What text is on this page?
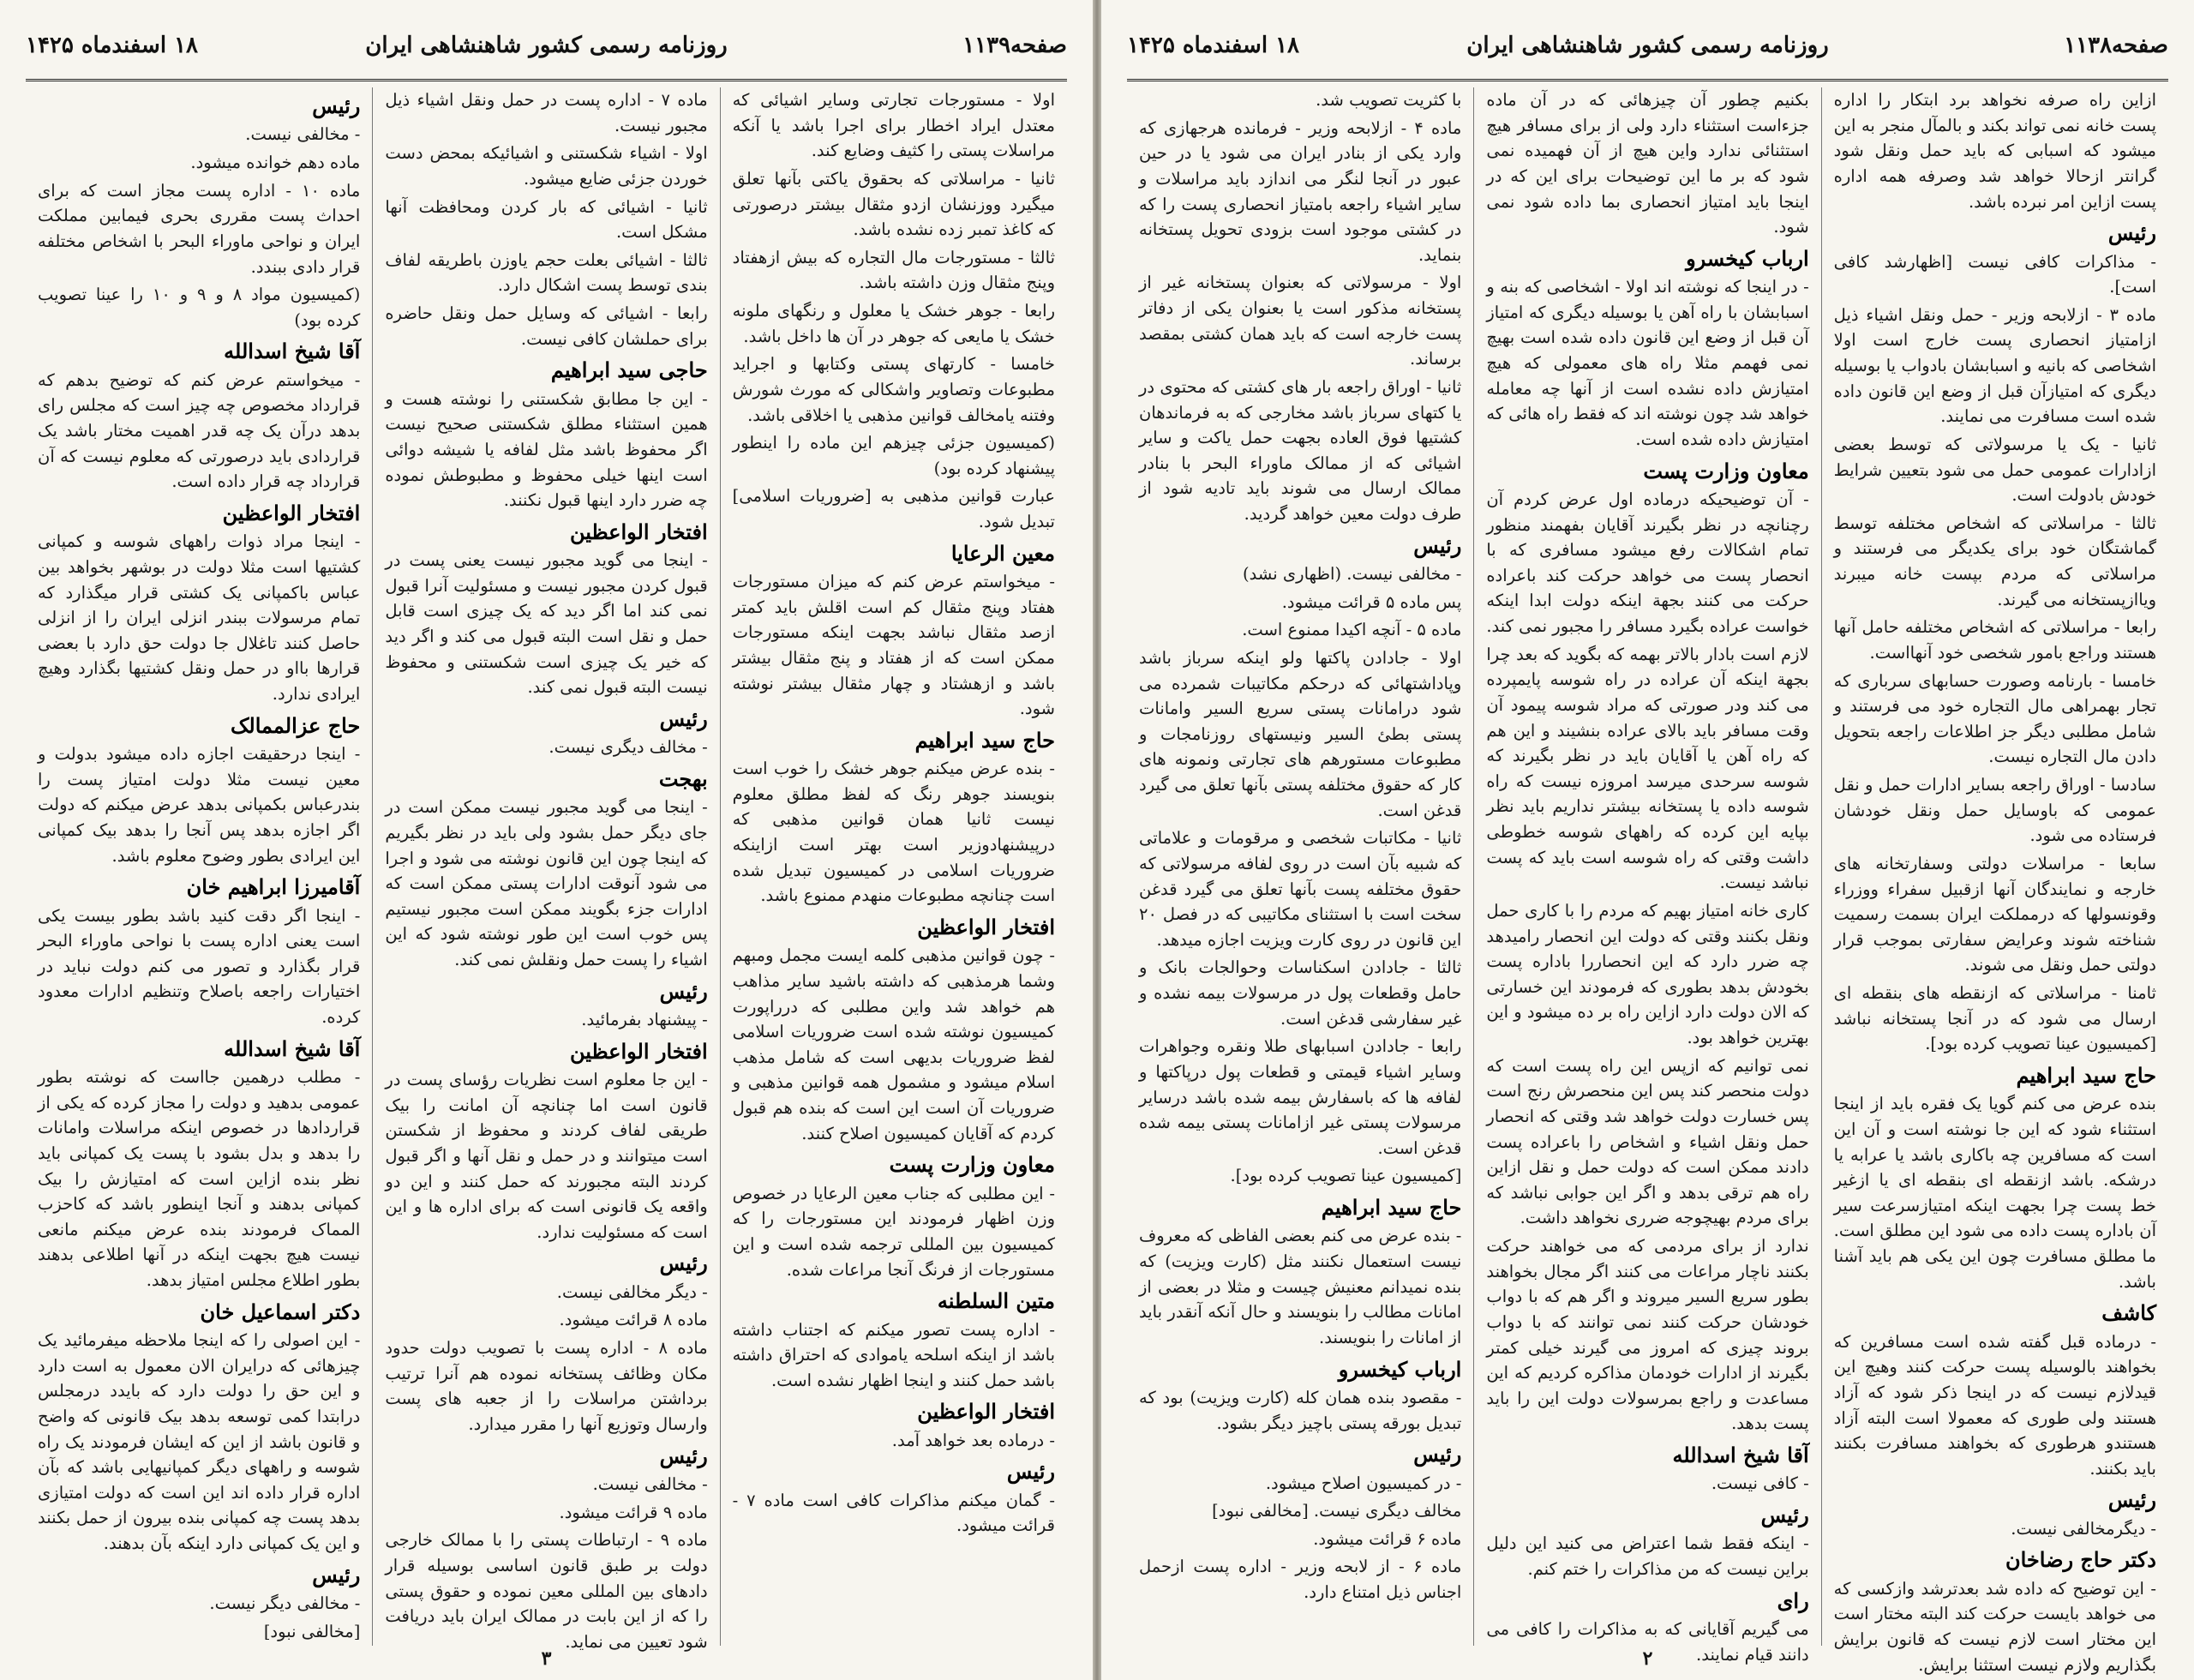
صفحه۱۱۳۹
روزنامه رسمی کشور شاهنشاهی ایران
۱۸ اسفندماه ۱۴۲۵
اولا - مستورجات تجارتی وسایر اشیائی که معتدل ایراد اخطار برای اجرا باشد یا آنکه مراسلات پستی را کثیف وضایع کند.
ثانیا - مراسلاتی که بحقوق یاکتی بآنها تعلق میگیرد ووزنشان ازدو مثقال بیشتر درصورتی که کاغذ تمبر زده نشده باشد.
ثالثا - مستورجات مال التجاره که بیش ازهفتاد وپنج مثقال وزن داشته باشد.
رابعا - جوهر خشک یا معلول و رنگهای ملونه خشک یا مایعی که جوهر در آن ها داخل باشد.
خامسا - کارتهای پستی وکتابها و اجراید مطبوعات وتصاویر واشکالی که مورث شورش وفتنه یامخالف قوانین مذهبی یا اخلاقی باشد.
(کمیسیون جزئی چیزهم این ماده را اینطور پیشنهاد کرده بود)
عبارت قوانین مذهبی به [ضروریات اسلامی] تبدیل شود.
معین الرعایا
- میخواستم عرض کنم که میزان مستورجات هفتاد وپنج مثقال کم است اقلش باید کمتر ازصد مثقال نباشد بجهت اینکه مستورجات ممکن است که از هفتاد و پنج مثقال بیشتر باشد و ازهشتاد و چهار مثقال بیشتر نوشته شود.
حاج سید ابراهیم
- بنده عرض میکنم جوهر خشک را خوب است بنویسند جوهر رنگ که لفظ مطلق معلوم نیست ثانیا همان قوانین مذهبی که درپیشنهادوزیر است بهتر است ازاینکه ضروریات اسلامی در کمیسیون تبدیل شده است چنانچه مطبوعات منهدم ممنوع باشد.
افتخار الواعظین
- چون قوانین مذهبی کلمه ایست مجمل ومبهم وشما هرمذهبی که داشته باشید سایر مذاهب هم خواهد شد واین مطلبی که درراپورت کمیسیون نوشته شده است ضروریات اسلامی لفظ ضروریات بدیهی است که شامل مذهب اسلام میشود و مشمول همه قوانین مذهبی و ضروریات آن است این است که بنده هم قبول کردم که آقایان کمیسیون اصلاح کنند.
معاون وزارت پست
- این مطلبی که جناب معین الرعایا در خصوص وزن اظهار فرمودند این مستورجات را که کمیسیون بین المللی ترجمه شده است و این مستورجات از فرنگ آنجا مراعات شده.
متین السلطنه
- اداره پست تصور میکنم که اجتناب داشته باشد از اینکه اسلحه یاموادی که احتراق داشته باشد حمل کنند و اینجا اظهار نشده است.
افتخار الواعظین
- درماده بعد خواهد آمد.
رئیس
- گمان میکنم مذاکرات کافی است ماده ۷ - قرائت میشود.
ماده ۷ - اداره پست در حمل ونقل اشیاء ذیل مجبور نیست.
اولا - اشیاء شکستنی و اشیائیکه بمحض دست خوردن جزئی ضایع میشود.
ثانیا - اشیائی که بار کردن ومحافظت آنها مشکل است.
ثالثا - اشیائی بعلت حجم یاوزن باطریقه لفاف بندی توسط پست اشکال دارد.
رابعا - اشیائی که وسایل حمل ونقل حاضره برای حملشان کافی نیست.
حاجی سید ابراهیم
- این جا مطابق شکستنی را نوشته هست و همین استثناء مطلق شکستنی صحیح نیست اگر محفوظ باشد مثل لفافه یا شیشه دوائی است اینها خیلی محفوظ و مطبوطش نموده چه ضرر دارد اینها قبول نکنند.
افتخار الواعظین
- اینجا می گوید مجبور نیست یعنی پست در قبول کردن مجبور نیست و مسئولیت آنرا قبول نمی کند اما اگر دید که یک چیزی است قابل حمل و نقل است البته قبول می کند و اگر دید که خیر یک چیزی است شکستنی و محفوظ نیست البته قبول نمی کند.
رئیس
- مخالف دیگری نیست.
بهجت
- اینجا می گوید مجبور نیست ممکن است در جای دیگر حمل بشود ولی باید در نظر بگیریم که اینجا چون این قانون نوشته می شود و اجرا می شود آنوقت ادارات پستی ممکن است که ادارات جزء بگویند ممکن است مجبور نیستیم پس خوب است این طور نوشته شود که این اشیاء را پست حمل ونقلش نمی کند.
رئیس
- پیشنهاد بفرمائید.
افتخار الواعظین
- این جا معلوم است نظریات رؤسای پست در قانون است اما چنانچه آن امانت را بیک طریقی لفاف کردند و محفوظ از شکستن است میتوانند و در حمل و نقل آنها و اگر قبول کردند البته مجبورند که حمل کنند و این دو واقعه یک قانونی است که برای اداره ها و این است که مسئولیت ندارد.
رئیس
- دیگر مخالفی نیست.
ماده ۸ قرائت میشود.
ماده ۸ - اداره پست با تصویب دولت حدود مکان وظائف پستخانه نموده هم آنرا ترتیب برداشتن مراسلات را از جعبه های پست وارسال وتوزیع آنها را مقرر میدارد.
رئیس
- مخالفی نیست.
ماده ۹ قرائت میشود.
ماده ۹ - ارتباطات پستی را با ممالک خارجی دولت بر طبق قانون اساسی بوسیله قرار دادهای بین المللی معین نموده و حقوق پستی را که از این بابت در ممالک ایران باید دریافت شود تعیین می نماید.
رئیس
- مخالفی نیست.
ماده دهم خوانده میشود.
ماده ۱۰ - اداره پست مجاز است که برای احداث پست مقرری بحری فیمابین مملکت ایران و نواحی ماوراء البحر با اشخاص مختلفه قرار دادی ببندد.
(کمیسیون مواد ۸ و ۹ و ۱۰ را عینا تصویب کرده بود)
آقا شیخ اسدالله
- میخواستم عرض کنم که توضیح بدهم که قرارداد مخصوص چه چیز است که مجلس رای بدهد درآن یک چه قدر اهمیت مختار باشد یک قراردادی باید درصورتی که معلوم نیست که آن قرارداد چه قرار داده است.
افتخار الواعظین
- اینجا مراد ذوات راههای شوسه و کمپانی کشتیها است مثلا دولت در بوشهر بخواهد بین عباس باکمپانی یک کشتی قرار میگذارد که تمام مرسولات ببندر انزلی ایران را از انزلی حاصل کنند تاغلال جا دولت حق دارد با بعضی قرارها بااو در حمل ونقل کشتیها بگذارد وهیچ ایرادی ندارد.
حاج عزالممالک
- اینجا درحقیقت اجازه داده میشود بدولت و معین نیست مثلا دولت امتیاز پست را بندرعباس بکمپانی بدهد عرض میکنم که دولت اگر اجازه بدهد پس آنجا را بدهد بیک کمپانی این ایرادی بطور وضوح معلوم باشد.
آقامیرزا ابراهیم خان
- اینجا اگر دقت کنید باشد بطور بیست یکی است یعنی اداره پست با نواحی ماوراء البحر قرار بگذارد و تصور می کنم دولت نباید در اختیارات راجعه باصلاح وتنظیم ادارات معدود کرده.
آقا شیخ اسدالله
- مطلب درهمین جااست که نوشته بطور عمومی بدهید و دولت را مجاز کرده که یکی از قراردادها در خصوص اینکه مراسلات وامانات را بدهد و بدل بشود با پست یک کمپانی باید نظر بنده ازاین است که امتیازش را بیک کمپانی بدهند و آنجا اینطور باشد که کاحزب المماک فرمودند بنده عرض میکنم مانعی نیست هیچ بجهت اینکه در آنها اطلاعی بدهند بطور اطلاع مجلس امتیاز بدهد.
دکتر اسماعیل خان
- این اصولی را که اینجا ملاحظه میفرمائید یک چیزهائی که درایران الان معمول به است دارد و این حق را دولت دارد که بایدد درمجلس درابتدا کمی توسعه بدهد بیک قانونی که واضح و قانون باشد از این که ایشان فرمودند یک راه شوسه و راههای دیگر کمپانیهایی باشد که بآن اداره قرار داده اند این است که دولت امتیازی بدهد پست چه کمپانی بنده بیرون از حمل بکنند و این یک کمپانی دارد اینکه بآن بدهند.
رئیس
- مخالفی دیگر نیست.
[مخالفی نبود]
۳
صفحه۱۱۳۸
روزنامه رسمی کشور شاهنشاهی ایران
۱۸ اسفندماه ۱۴۲۵
ازاین راه صرفه نخواهد برد ابتکار را اداره پست خانه نمی تواند بکند و بالمآل منجر به این میشود که اسبابی که باید حمل ونقل شود گرانتر ازحالا خواهد شد وصرفه همه اداره پست ازاین امر نبرده باشد.
رئیس
- مذاکرات کافی نیست [اظهارشد کافی است].
ماده ۳ - ازلابحه وزیر - حمل ونقل اشیاء ذیل ازامتیاز انحصاری پست خارج است اولا اشخاصی که بانیه و اسبابشان بادواب یا بوسیله دیگری که امتیازآن قبل از وضع این قانون داده شده است مسافرت می نمایند.
ثانیا - یک یا مرسولاتی که توسط بعضی ازادارات عمومی حمل می شود بتعیین شرایط خودش بادولت است.
ثالثا - مراسلاتی که اشخاص مختلفه توسط گماشتگان خود برای یکدیگر می فرستند و مراسلاتی که مردم بپست خانه میبرند ویاازپستخانه می گیرند.
رابعا - مراسلاتی که اشخاص مختلفه حامل آنها هستند وراجع بامور شخصی خود آنهااست.
خامسا - بارنامه وصورت حسابهای سرباری که تجار بهمراهی مال التجاره خود می فرستند و شامل مطلبی دیگر جز اطلاعات راجعه بتحویل دادن مال التجاره نیست.
سادسا - اوراق راجعه بسایر ادارات حمل و نقل عمومی که باوسایل حمل ونقل خودشان فرستاده می شود.
سابعا - مراسلات دولتی وسفارتخانه های خارجه و نمایندگان آنها ازقبیل سفراء ووزراء وقونسولها که درمملکت ایران بسمت رسمیت شناخته شوند وعرایض سفارتی بموجب قرار دولتی حمل ونقل می شوند.
ثامنا - مراسلاتی که ازنقطه های بنقطه ای ارسال می شود که در آنجا پستخانه نباشد [کمیسیون عینا تصویب کرده بود].
حاج سید ابراهیم
بنده عرض می کنم گویا یک فقره باید از اینجا استثناء شود که این جا نوشته است و آن این است که مسافرین چه باکاری باشد یا عرابه یا درشکه. باشد ازنقطه ای بنقطه ای یا ازغیر خط پست چرا بجهت اینکه امتیازسرعت سیر آن باداره پست داده می شود این مطلق است. ما مطلق مسافرت چون این یکی هم باید آشنا باشد.
کاشف
- درماده قبل گفته شده است مسافرین که بخواهند بالوسیله پست حرکت کنند وهیچ این قیدلازم نیست که در اینجا ذکر شود که آزاد هستند ولی طوری که معمولا است البته آزاد هستندو هرطوری که بخواهند مسافرت بکنند باید بکنند.
رئیس
- دیگرمخالفی نیست.
دکتر حاج رضاخان
- این توضیح که داده شد بعدترشد وازکسی که می خواهد بایست حرکت کند البته مختار است این مختار است لازم نیست که قانون برایش بگذاریم ولازم نیست استثنا برایش.
بکنیم چطور آن چیزهائی که در آن ماده جزءاست استثناء دارد ولی از برای مسافر هیچ استثنائی ندارد واین هیچ از آن فهمیده نمی شود که بر ما این توضیحات برای این که در اینجا باید امتیاز انحصاری بما داده شود نمی شود.
ارباب کیخسرو
- در اینجا که نوشته اند اولا - اشخاصی که بنه و اسبابشان با راه آهن یا بوسیله دیگری که امتیاز آن قبل از وضع این قانون داده شده است بهیچ نمی فهمم مثلا راه های معمولی که هیچ امتیازش داده نشده است از آنها چه معامله خواهد شد چون نوشته اند که فقط راه هائی که امتیازش داده شده است.
معاون وزارت پست
- آن توضیحیکه درماده اول عرض کردم آن رچنانچه در نظر بگیرند آقایان بفهمند منظور تمام اشکالات رفع میشود مسافری که با انحصار پست می خواهد حرکت کند باعراده حرکت می کنند بجهة اینکه دولت ابدا اینکه خواست عراده بگیرد مسافر را مجبور نمی کند.
لازم است بادار بالاتر بهمه که بگوید که بعد چرا بجهة اینکه آن عراده در راه شوسه پایمپرده می کند ودر صورتی که مراد شوسه پیمود آن وقت مسافر باید بالای عراده بنشیند و این هم که راه آهن یا آقایان باید در نظر بگیرند که شوسه سرحدی میرسد امروزه نیست که راه شوسه داده یا پستخانه بیشتر نداریم باید نظر بپایه این کرده که راههای شوسه خطوطی داشت وقتی که راه شوسه است باید که پست نباشد نیست.
کاری خانه امتیاز بهیم که مردم را با کاری حمل ونقل بکنند وقتی که دولت این انحصار رامیدهد چه ضرر دارد که این انحصاررا باداره پست بخودش بدهد بطوری که فرمودند این خسارتی که الان دولت دارد ازاین راه بر ده میشود و این بهترین خواهد بود.
نمی توانیم که ازپس این راه پست است که دولت منحصر کند پس این منحصرش رنج است پس خسارت دولت خواهد شد وقتی که انحصار حمل ونقل اشیاء و اشخاص را باعراده پست دادند ممکن است که دولت حمل و نقل ازاین راه هم ترقی بدهد و اگر این جوابی نباشد که برای مردم بهیچوجه ضرری نخواهد داشت.
ندارد از برای مردمی که می خواهند حرکت بکنند ناچار مراعات می کنند اگر مجال بخواهند بطور سریع السیر میروند و اگر هم که با دواب خودشان حرکت کنند نمی توانند که با دواب بروند چیزی که امروز می گیرند خیلی کمتر بگیرند از ادارات خودمان مذاکره کردیم که این مساعدت و راجع بمرسولات دولت این را باید پست بدهد.
آقا شیخ اسدالله
- کافی نیست.
رئیس
- اینکه فقط شما اعتراض می کنید این دلیل براین نیست که من مذاکرات را ختم کنم.
رای
می گیریم آقایانی که به مذاکرات را کافی می دانند قیام نمایند.
با کثریت تصویب شد.
ماده ۴ - ازلابحه وزیر - فرمانده هرجهازی که وارد یکی از بنادر ایران می شود یا در حین عبور در آنجا لنگر می اندازد باید مراسلات و سایر اشیاء راجعه بامتیاز انحصاری پست را که در کشتی موجود است بزودی تحویل پستخانه بنماید.
اولا - مرسولاتی که بعنوان پستخانه غیر از پستخانه مذکور است یا بعنوان یکی از دفاتر پست خارجه است که باید همان کشتی بمقصد برساند.
ثانیا - اوراق راجعه بار های کشتی که محتوی در یا کتهای سرباز باشد مخارجی که به فرماندهان کشتیها فوق العاده بجهت حمل یاکت و سایر اشیائی که از ممالک ماوراء البحر با بنادر ممالک ارسال می شوند باید تادیه شود از طرف دولت معین خواهد گردید.
رئیس
- مخالفی نیست. (اظهاری نشد)
پس ماده ۵ قرائت میشود.
ماده ۵ - آنچه اکیدا ممنوع است.
اولا - جادادن پاکتها ولو اینکه سرباز باشد وپاداشتهائی که درحکم مکاتیبات شمرده می شود درامانات پستی سریع السیر وامانات پستی بطئ السیر ونیستهای روزنامجات و مطبوعات مستورهم های تجارتی ونمونه های کار که حقوق مختلفه پستی بآنها تعلق می گیرد قدغن است.
ثانیا - مکاتبات شخصی و مرقومات و علاماتی که شبیه بآن است در روی لفافه مرسولاتی که حقوق مختلفه پست بآنها تعلق می گیرد قدغن سخت است با استثنای مکاتیبی که در فصل ۲۰ این قانون در روی کارت ویزیت اجازه میدهد.
ثالثا - جادادن اسکناسات وحوالجات بانک و حامل وقطعات پول در مرسولات بیمه نشده و غیر سفارشی قدغن است.
رابعا - جادادن اسبابهای طلا ونقره وجواهرات وسایر اشیاء قیمتی و قطعات پول درپاکتها و لفافه ها که باسفارش بیمه شده باشد درسایر مرسولات پستی غیر ازامانات پستی بیمه شده قدغن است.
[کمیسیون عینا تصویب کرده بود].
حاج سید ابراهیم
- بنده عرض می کنم بعضی الفاظی که معروف نیست استعمال نکنند مثل (کارت ویزیت) که بنده نمیدانم معنیش چیست و مثلا در بعضی از امانات مطالب را بنویسند و حال آنکه آنقدر باید از امانات را بنویسند.
ارباب کیخسرو
- مقصود بنده همان کله (کارت ویزیت) بود که تبدیل بورقه پستی باچیز دیگر بشود.
رئیس
- در کمیسیون اصلاح میشود.
مخالف دیگری نیست. [مخالفی نبود]
ماده ۶ قرائت میشود.
ماده ۶ - از لابحه وزیر - اداره پست ازحمل اجناس ذیل امتناع دارد.
۲
